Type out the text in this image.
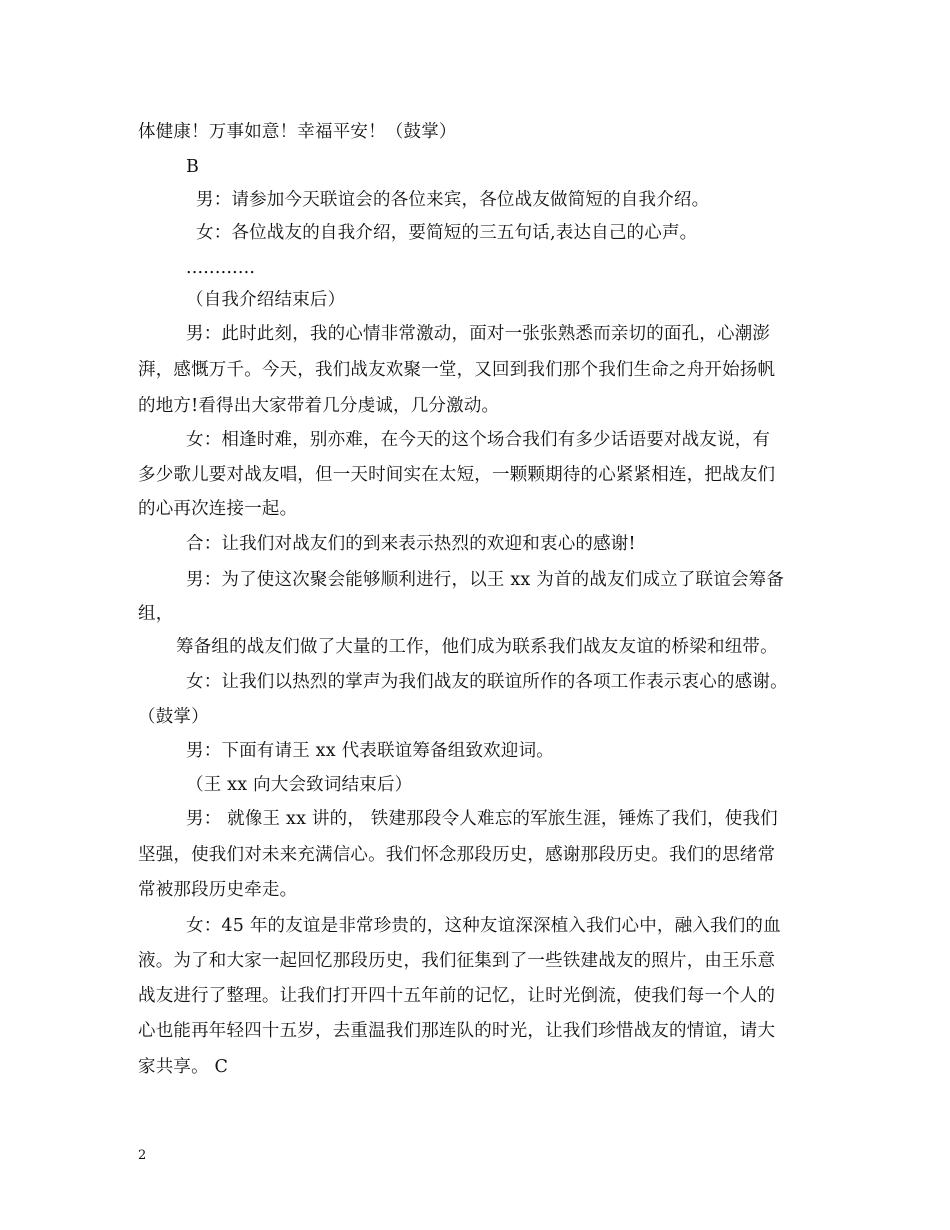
体健康！万事如意！幸福平安！（鼓掌）
B
男：请参加今天联谊会的各位来宾，各位战友做简短的自我介绍。
女：各位战友的自我介绍，要简短的三五句话,表达自己的心声。
............
（自我介绍结束后）
男：此时此刻，我的心情非常激动，面对一张张熟悉而亲切的面孔，心潮澎
湃，感慨万千。今天，我们战友欢聚一堂，又回到我们那个我们生命之舟开始扬帆
的地方!看得出大家带着几分虔诚，几分激动。
女：相逢时难，别亦难，在今天的这个场合我们有多少话语要对战友说，有
多少歌儿要对战友唱，但一天时间实在太短，一颗颗期待的心紧紧相连，把战友们
的心再次连接一起。
合：让我们对战友们的到来表示热烈的欢迎和衷心的感谢!
男：为了使这次聚会能够顺利进行，以王 xx 为首的战友们成立了联谊会筹备
组，
筹备组的战友们做了大量的工作，他们成为联系我们战友友谊的桥梁和纽带。
女：让我们以热烈的掌声为我们战友的联谊所作的各项工作表示衷心的感谢。
（鼓掌）
男：下面有请王 xx 代表联谊筹备组致欢迎词。
（王 xx 向大会致词结束后）
男： 就像王 xx 讲的， 铁建那段令人难忘的军旅生涯，锤炼了我们，使我们
坚强，使我们对未来充满信心。我们怀念那段历史，感谢那段历史。我们的思绪常
常被那段历史牵走。
女：45 年的友谊是非常珍贵的，这种友谊深深植入我们心中，融入我们的血
液。为了和大家一起回忆那段历史，我们征集到了一些铁建战友的照片，由王乐意
战友进行了整理。让我们打开四十五年前的记忆，让时光倒流，使我们每一个人的
心也能再年轻四十五岁，去重温我们那连队的时光，让我们珍惜战友的情谊，请大
家共享。 C
2
